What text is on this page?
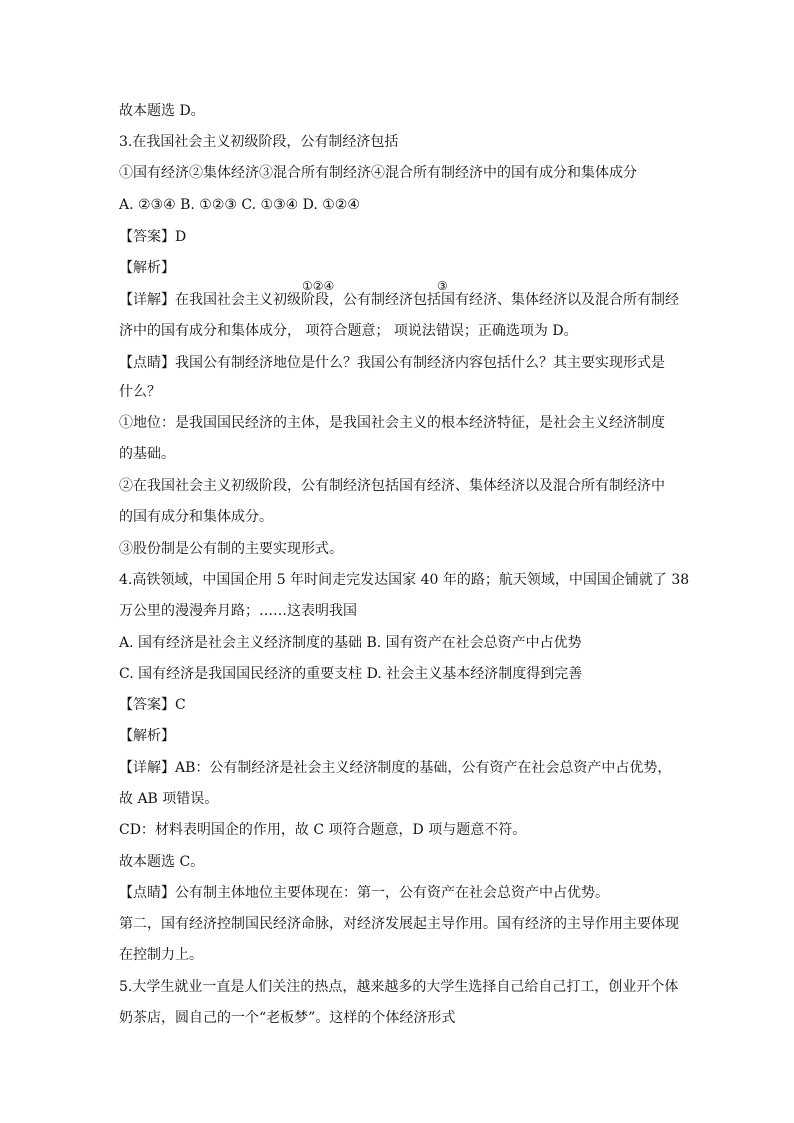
故本题选 D。
3.在我国社会主义初级阶段，公有制经济包括
①国有经济②集体经济③混合所有制经济④混合所有制经济中的国有成分和集体成分
A. ②③④ B. ①②③ C. ①③④ D. ①②④
【答案】D
【解析】
①②④	③
【详解】在我国社会主义初级阶段，公有制经济包括国有经济、集体经济以及混合所有制经
济中的国有成分和集体成分， 项符合题意； 项说法错误；正确选项为 D。
【点睛】我国公有制经济地位是什么？我国公有制经济内容包括什么？其主要实现形式是
什么？
①地位：是我国国民经济的主体，是我国社会主义的根本经济特征，是社会主义经济制度
的基础。
②在我国社会主义初级阶段，公有制经济包括国有经济、集体经济以及混合所有制经济中
的国有成分和集体成分。
③股份制是公有制的主要实现形式。
4.高铁领域，中国国企用 5 年时间走完发达国家 40 年的路；航天领域，中国国企铺就了 38
万公里的漫漫奔月路；……这表明我国
A. 国有经济是社会主义经济制度的基础 B. 国有资产在社会总资产中占优势
C. 国有经济是我国国民经济的重要支柱 D. 社会主义基本经济制度得到完善
【答案】C
【解析】
【详解】AB：公有制经济是社会主义经济制度的基础，公有资产在社会总资产中占优势，
故 AB 项错误。
CD：材料表明国企的作用，故 C 项符合题意，D 项与题意不符。
故本题选 C。
【点睛】公有制主体地位主要体现在：第一，公有资产在社会总资产中占优势。
第二，国有经济控制国民经济命脉，对经济发展起主导作用。国有经济的主导作用主要体现
在控制力上。
5.大学生就业一直是人们关注的热点，越来越多的大学生选择自己给自己打工，创业开个体
奶茶店，圆自己的一个“老板梦”。这样的个体经济形式
